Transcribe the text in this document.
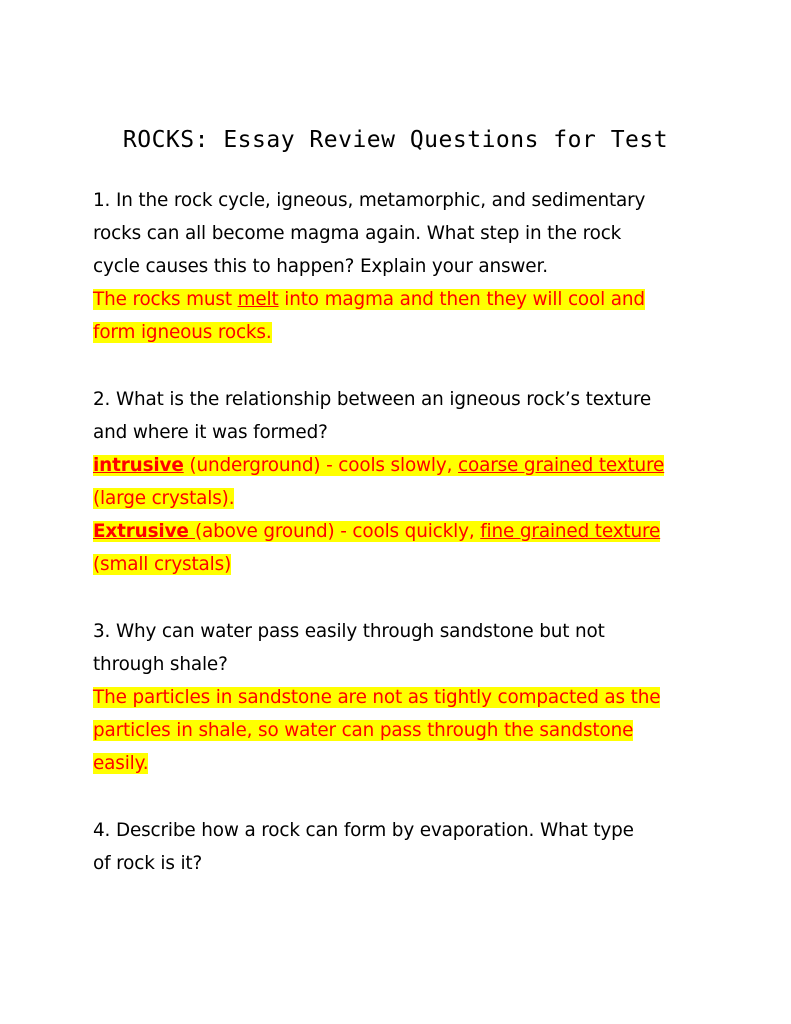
ROCKS: Essay Review Questions for Test
1. In the rock cycle, igneous, metamorphic, and sedimentary
rocks can all become magma again. What step in the rock
cycle causes this to happen? Explain your answer.
The rocks must melt into magma and then they will cool and
form igneous rocks.
2. What is the relationship between an igneous rock’s texture
and where it was formed?
intrusive (underground) - cools slowly, coarse grained texture
(large crystals).
Extrusive (above ground) - cools quickly, fine grained texture
(small crystals)
3. Why can water pass easily through sandstone but not
through shale?
The particles in sandstone are not as tightly compacted as the
particles in shale, so water can pass through the sandstone
easily.
4. Describe how a rock can form by evaporation. What type
of rock is it?
